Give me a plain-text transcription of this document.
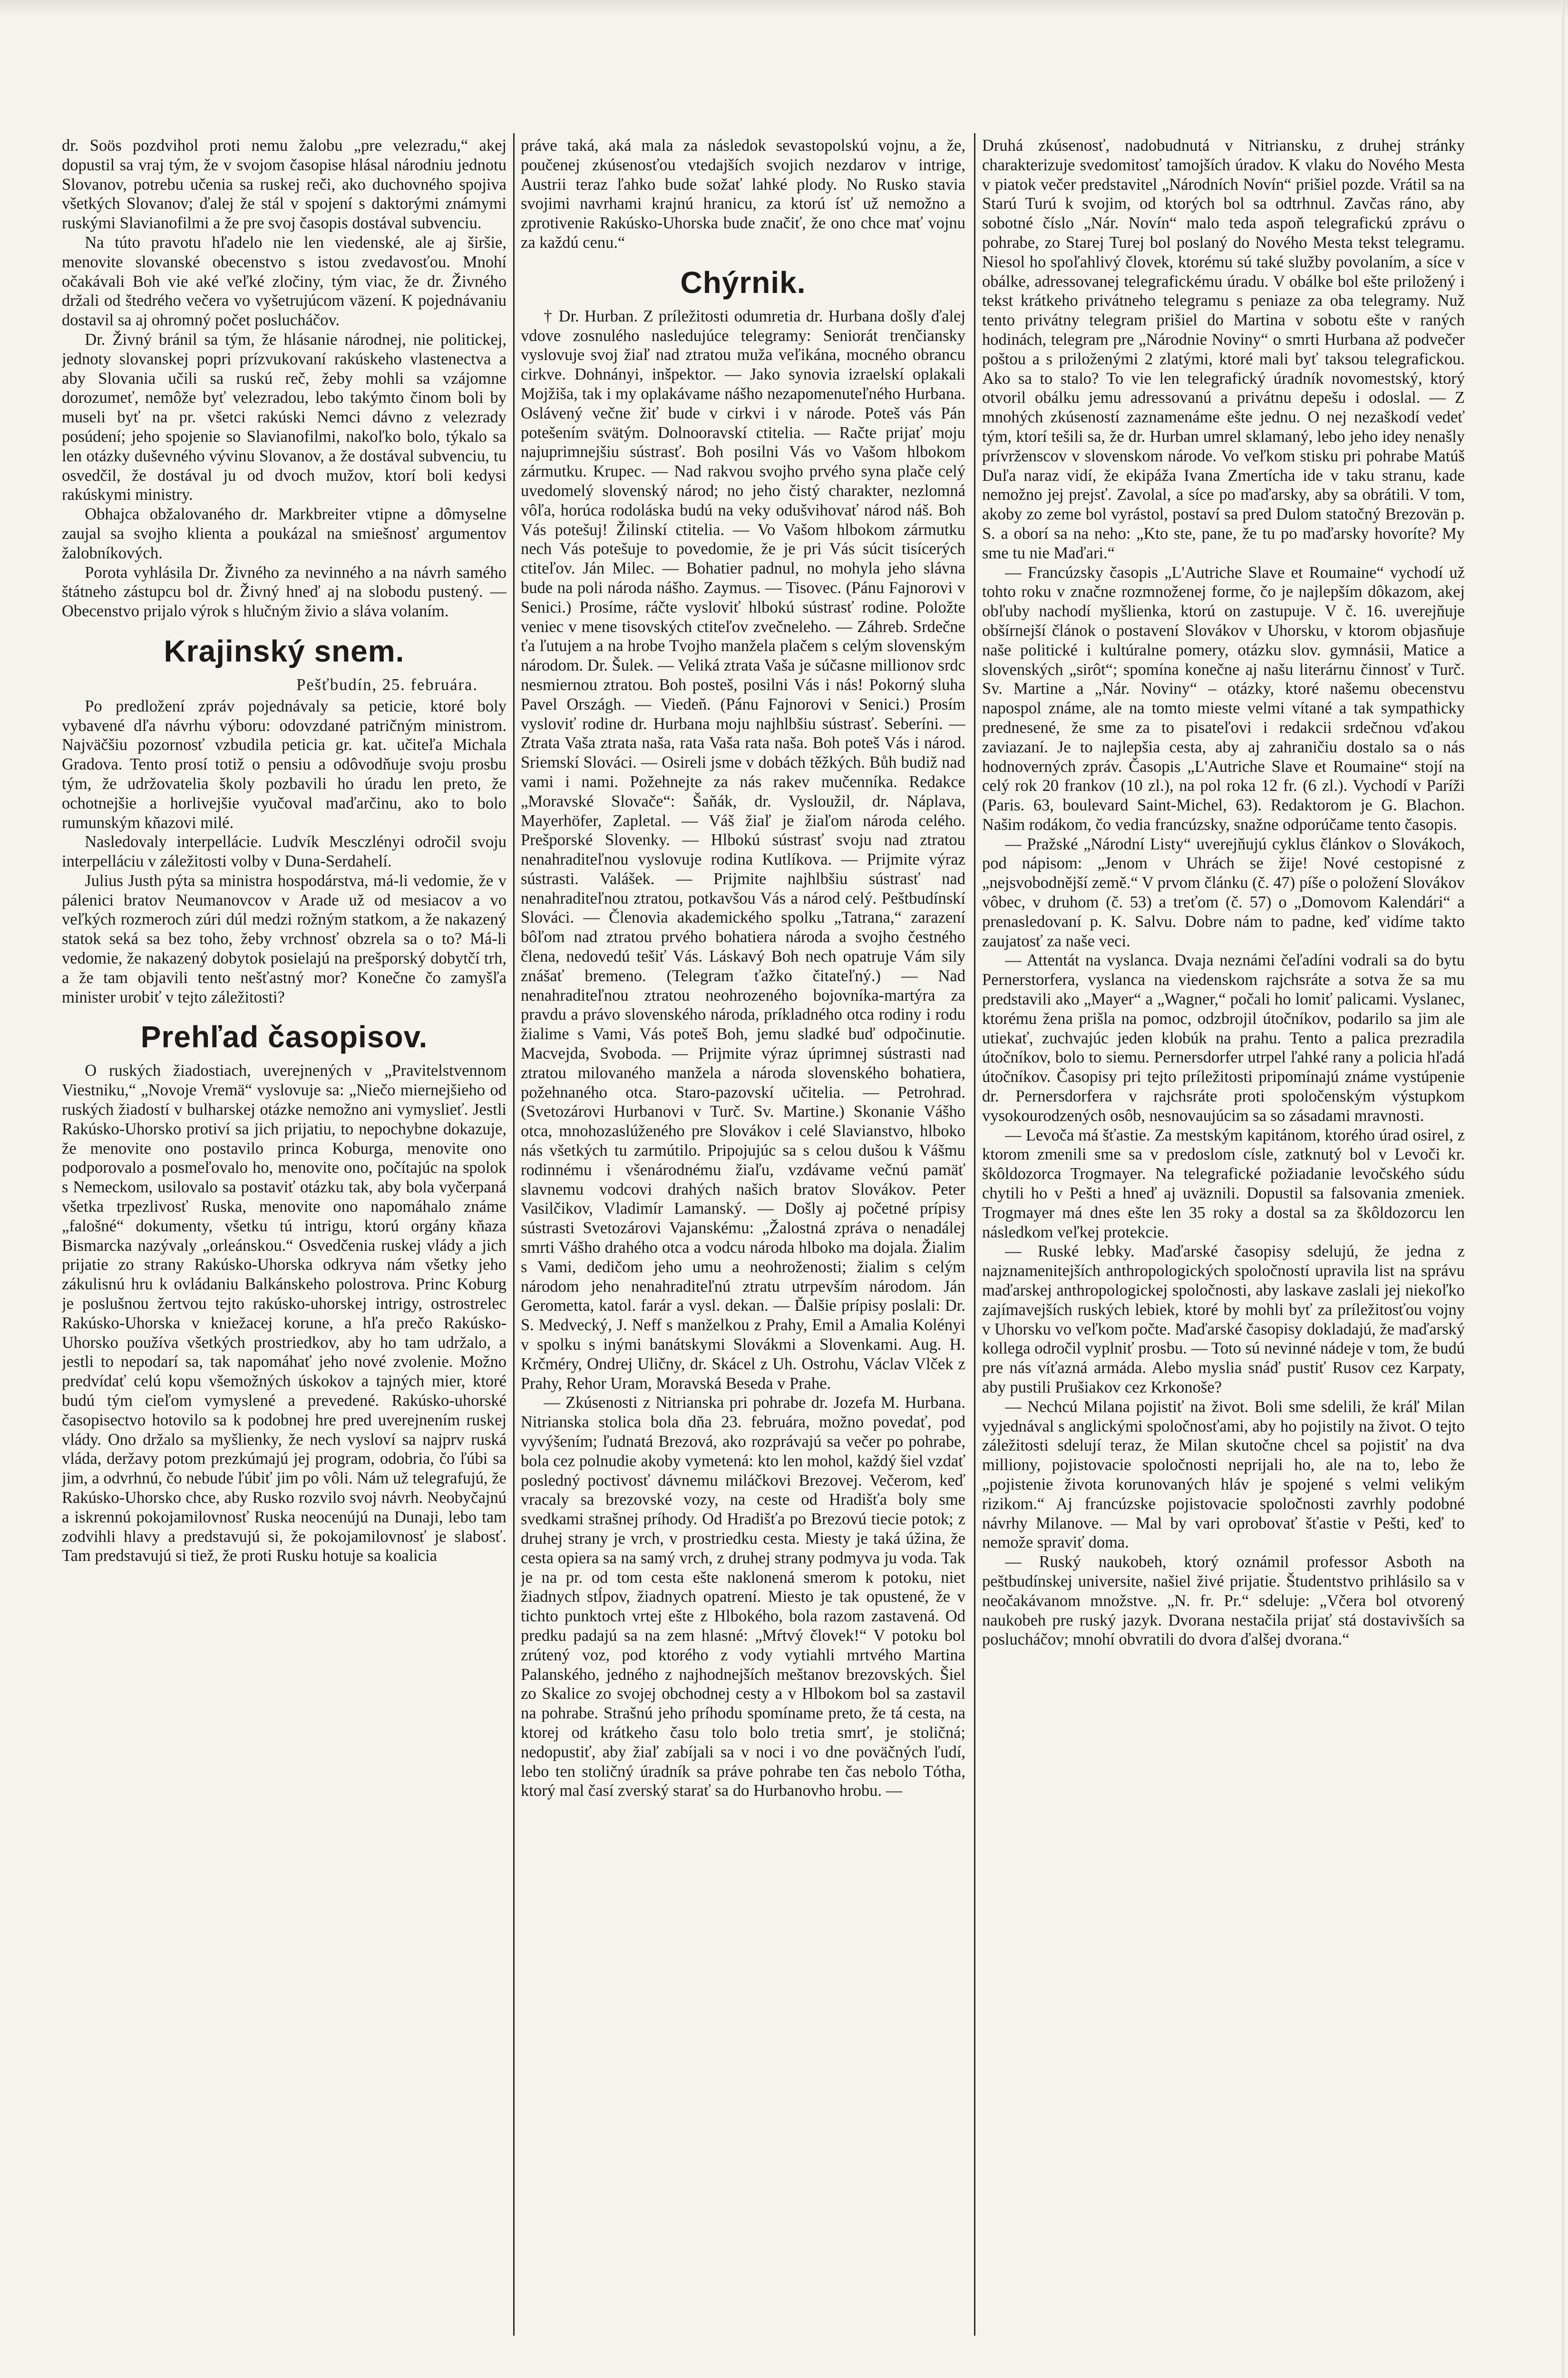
dr. Soös pozdvihol proti nemu žalobu „pre velezradu,“ akej dopustil sa vraj tým, že v svojom časopise hlásal národniu jednotu Slovanov, potrebu učenia sa ruskej reči, ako duchovného spojiva všetkých Slovanov; ďalej že stál v spojení s daktorými známymi ruskými Slavianofilmi a že pre svoj časopis dostával subvenciu.

Na túto pravotu hľadelo nie len viedenské, ale aj širšie, menovite slovanské obecenstvo s istou zvedavosťou. Mnohí očakávali Boh vie aké veľké zločiny, tým viac, že dr. Živného držali od štedrého večera vo vyšetrujúcom väzení. K pojednávaniu dostavil sa aj ohromný počet poslucháčov.

Dr. Živný bránil sa tým, že hlásanie národnej, nie politickej, jednoty slovanskej popri prízvukovaní rakúskeho vlastenectva a aby Slovania učili sa ruskú reč, žeby mohli sa vzájomne dorozumeť, nemôže byť velezradou, lebo takýmto činom boli by museli byť na pr. všetci rakúski Nemci dávno z velezrady posúdení; jeho spojenie so Slavianofilmi, nakoľko bolo, týkalo sa len otázky duševného vývinu Slovanov, a že dostával subvenciu, tu osvedčil, že dostával ju od dvoch mužov, ktorí boli kedysi rakúskymi ministry.

Obhajca obžalovaného dr. Markbreiter vtipne a dômyselne zaujal sa svojho klienta a poukázal na smiešnosť argumentov žalobníkových.

Porota vyhlásila Dr. Živného za nevinného a na návrh samého štátneho zástupcu bol dr. Živný hneď aj na slobodu pustený. — Obecenstvo prijalo výrok s hlučným živio a sláva volaním.

Krajinský snem.
Pešťbudín, 25. februára.

Po predložení zpráv pojednávaly sa peticie, ktoré boly vybavené dľa návrhu výboru: odovzdané patričným ministrom. Najväčšiu pozornosť vzbudila peticia gr. kat. učiteľa Michala Gradova. Tento prosí totiž o pensiu a odôvodňuje svoju prosbu tým, že udržovatelia školy pozbavili ho úradu len preto, že ochotnejšie a horlivejšie vyučoval maďarčinu, ako to bolo rumunským kňazovi milé.

Nasledovaly interpellácie. Ludvík Mesczlényi odročil svoju interpelláciu v záležitosti volby v Duna-Serdahelí.

Julius Justh pýta sa ministra hospodárstva, má-li vedomie, že v pálenici bratov Neumanovcov v Arade už od mesiacov a vo veľkých rozmeroch zúri dúl medzi rožným statkom, a že nakazený statok seká sa bez toho, žeby vrchnosť obzrela sa o to? Má-li vedomie, že nakazený dobytok posielajú na prešporský dobytčí trh, a že tam objavili tento nešťastný mor? Konečne čo zamyšľa minister urobiť v tejto záležitosti?

Prehľad časopisov.

O ruských žiadostiach, uverejnených v „Pravitelstvennom Viestniku,“ „Novoje Vremä“ vyslovuje sa: „Niečo miernejšieho od ruských žiadostí v bulharskej otázke nemožno ani vymyslieť. Jestli Rakúsko-Uhorsko protiví sa jich prijatiu, to nepochybne dokazuje, že menovite ono postavilo princa Koburga, menovite ono podporovalo a posmeľovalo ho, menovite ono, počítajúc na spolok s Nemeckom, usilovalo sa postaviť otázku tak, aby bola vyčerpaná všetka trpezlivosť Ruska, menovite ono napomáhalo známe „falošné“ dokumenty, všetku tú intrigu, ktorú orgány kňaza Bismarcka nazývaly „orleánskou.“ Osvedčenia ruskej vlády a jich prijatie zo strany Rakúsko-Uhorska odkryva nám všetky jeho zákulisnú hru k ovládaniu Balkánskeho polostrova. Princ Koburg je poslušnou žertvou tejto rakúsko-uhorskej intrigy, ostrostreleс Rakúsko-Uhorska v kniežacej korune, a hľa prečo Rakúsko-Uhorsko používa všetkých prostriedkov, aby ho tam udržalo, a jestli to nepodarí sa, tak napomáhať jeho nové zvolenie. Možno predvídať celú kopu všemožných úskokov a tajných mier, ktoré budú tým cieľom vymyslené a prevedené. Rakúsko-uhorské časopisectvo hotovilo sa k podobnej hre pred uverejnením ruskej vlády. Ono držalo sa myšlienky, že nech vysloví sa najprv ruská vláda, deržavy potom prezkúmajú jej program, odobria, čo ľúbi sa jim, a odvrhnú, čo nebude ľúbiť jim po vôli. Nám už telegrafujú, že Rakúsko-Uhorsko chce, aby Rusko rozvilo svoj návrh. Neobyčajnú a iskrennú pokojamilovnosť Ruska neocenújú na Dunaji, lebo tam zodvihli hlavy a predstavujú si, že pokojamilovnosť je slabosť. Tam predstavujú si tiež, že proti Rusku hotuje sa koalicia

práve taká, aká mala za následok sevastopolskú vojnu, a že, poučenej zkúsenosťou vtedajších svojich nezdarov v intrige, Austrii teraz ľahko bude sožať lahké plody. No Rusko stavia svojimi navrhami krajnú hranicu, za ktorú ísť už nemožno a zprotivenie Rakúsko-Uhorska bude značiť, že ono chce mať vojnu za každú cenu.“

Chýrnik.

† Dr. Hurban. Z príležitosti odumretia dr. Hurbana došly ďalej vdove zosnulého nasledujúce telegramy: Seniorát trenčiansky vyslovuje svoj žiaľ nad ztratou muža veľikána, mocného obrancu cirkve. Dohnányi, inšpektor. — Jako synovia izraelskí oplakali Mojžiša, tak i my oplakávame nášho nezapomenuteľného Hurbana. Oslávený večne žiť bude v cirkvi i v národe. Poteš vás Pán potešením svätým. Dolnooravskí ctitelia. — Račte prijať moju najuprimnejšiu sústrasť. Boh posilni Vás vo Vašom hlbokom zármutku. Krupec. — Nad rakvou svojho prvého syna plače celý uvedomelý slovenský národ; no jeho čistý charakter, nezlomná vôľa, horúca rodoláska budú na veky odušvihovať národ náš. Boh Vás potešuj! Žilinskí ctitelia. — Vo Vašom hlbokom zármutku nech Vás potešuje to povedomie, že je pri Vás súcit tisícerých ctiteľov. Ján Milec. — Bohatier padnul, no mohyla jeho slávna bude na poli národa nášho. Zaymus. — Tisovec. (Pánu Fajnorovi v Senici.) Prosíme, ráčte vysloviť hlbokú sústrasť rodine. Položte veniec v mene tisovských ctiteľov zvečneleho. — Záhreb. Srdečne ťa ľutujem a na hrobe Tvojho manžela plačem s celým slovenským národom. Dr. Šulek. — Veliká ztrata Vaša je súčasne millionov srdc nesmiernou ztratou. Boh posteš, posilni Vás i nás! Pokorný sluha Pavel Országh. — Viedeň. (Pánu Fajnorovi v Senici.) Prosím vysloviť rodine dr. Hurbana moju najhlbšiu sústrasť. Seberíni. — Ztrata Vaša ztrata naša, rata Vaša rata naša. Boh poteš Vás i národ. Sriemskí Slováci. — Osireli jsme v dobách těžkých. Bůh budiž nad vami i nami. Požehnejte za nás rakev mučenníka. Redakce „Moravské Slovače“: Šaňák, dr. Vysloužil, dr. Náplava, Mayerhöfer, Zapletal. — Váš žiaľ je žiaľom národa celého. Prešporské Slovenky. — Hlbokú sústrasť svoju nad ztratou nenahraditeľnou vyslovuje rodina Kutlíkova. — Prijmite výraz sústrasti. Valášek. — Prijmite najhlbšiu sústrasť nad nenahraditeľnou ztratou, potkavšou Vás a národ celý. Peštbudínskí Slováci. — Členovia akademického spolku „Tatrana,“ zarazení bôľom nad ztratou prvého bohatiera národa a svojho čestného člena, nedovedú tešiť Vás. Láskavý Boh nech opatruje Vám sily znášať bremeno. (Telegram ťažko čitateľný.) — Nad nenahraditeľnou ztratou neohrozeného bojovníka-martýra za pravdu a právo slovenského národa, príkladného otca rodiny i rodu žialime s Vami, Vás poteš Boh, jemu sladké buď odpočinutie. Macvejda, Svoboda. — Prijmite výraz úprimnej sústrasti nad ztratou milovaného manžela a národa slovenského bohatiera, požehnaného otca. Staro-pazovskí učitelia. — Petrohrad. (Svetozárovi Hurbanovi v Turč. Sv. Martine.) Skonanie Vášho otca, mnohozaslúženého pre Slovákov i celé Slavianstvo, hlboko nás všetkých tu zarmútilo. Pripojujúc sa s celou dušou k Vášmu rodinnému i všenárodnému žiaľu, vzdávame večnú pamäť slavnemu vodcovi drahých našich bratov Slovákov. Peter Vasilčikov, Vladimír Lamanský. — Došly aj početné prípisy sústrasti Svetozárovi Vajanskému: „Žalostná zpráva o nenadálej smrti Vášho drahého otca a vodcu národa hlboko ma dojala. Žialim s Vami, dedičom jeho umu a neohroženosti; žialim s celým národom jeho nenahraditeľnú ztratu utrpevším národom. Ján Gerometta, katol. farár a vysl. dekan. — Ďalšie prípisy poslali: Dr. S. Medvecký, J. Neff s manželkou z Prahy, Emil a Amalia Kolényi v spolku s inými banátskymi Slovákmi a Slovenkami. Aug. H. Krčméry, Ondrej Uličny, dr. Skácel z Uh. Ostrohu, Václav Vlček z Prahy, Rehor Uram, Moravská Beseda v Prahe.

— Zkúsenosti z Nitrianska pri pohrabe dr. Jozefa M. Hurbana. Nitrianska stolica bola dňa 23. februára, možno povedať, pod vyvýšením; ľudnatá Brezová, ako rozprávajú sa večer po pohrabe, bola cez polnudie akoby vymetená: kto len mohol, každý šiel vzdať posledný poctivosť dávnemu miláčkovi Brezovej. Večerom, keď vracaly sa brezovské vozy, na ceste od Hradišťa boly sme svedkami strašnej príhody. Od Hradišťa po Brezovú tiecie potok; z druhej strany je vrch, v prostriedku cesta. Miesty je taká úžina, že cesta opiera sa na samý vrch, z druhej strany podmyva ju voda. Tak je na pr. od tom cesta ešte naklonená smerom k potoku, niet žiadnych stĺpov, žiadnych opatrení. Miesto je tak opustené, že v tichto punktoch vrtej ešte z Hlbokého, bola razom zastavená. Od predku padajú sa na zem hlasné: „Mŕtvý človek!“ V potoku bol zrútený voz, pod ktorého z vody vytiahli mrtvého Martina Palanského, jedného z najhodnejších meštanov brezovských. Šiel zo Skalice zo svojej obchodnej cesty a v Hlbokom bol sa zastavil na pohrabe. Strašnú jeho príhodu spomíname preto, že tá cesta, na ktorej od krátkeho času tolo bolo tretia smrť, je stoličná; nedopustiť, aby žiaľ zabíjali sa v noci i vo dne poväčných ľudí, lebo ten stoličný úradník sa práve pohrabe ten čas nebolo Tótha, ktorý mal časí zverský starať sa do Hurbanovho hrobu. —

Druhá zkúsenosť, nadobudnutá v Nitriansku, z druhej stránky charakterizuje svedomitosť tamojších úradov. K vlaku do Nového Mesta v piatok večer predstavitel „Národních Novín“ prišiel pozde. Vrátil sa na Starú Turú k svojim, od ktorých bol sa odtrhnul. Zavčas ráno, aby sobotné číslo „Nár. Novín“ malo teda aspoň telegrafickú zprávu o pohrabe, zo Starej Turej bol poslaný do Nového Mesta tekst telegramu. Niesol ho spoľahlivý človek, ktorému sú také služby povolaním, a síce v obálke, adressovanej telegrafickému úradu. V obálke bol ešte priložený i tekst krátkeho privátneho telegramu s peniaze za oba telegramy. Nuž tento privátny telegram prišiel do Martina v sobotu ešte v raných hodinách, telegram pre „Národnie Noviny“ o smrti Hurbana až podvečer poštou a s priloženými 2 zlatými, ktoré mali byť taksou telegrafickou. Ako sa to stalo? To vie len telegrafický úradník novomestský, ktorý otvoril obálku jemu adressovanú a privátnu depešu i odoslal. — Z mnohých zkúseností zaznamenáme ešte jednu. O nej nezaškodí vedeť tým, ktorí tešili sa, že dr. Hurban umrel sklamaný, lebo jeho idey nenašly prívrženscov v slovenskom národe. Vo veľkom stisku pri pohrabe Matúš Duľa naraz vidí, že ekipáža Ivana Zmertícha ide v taku stranu, kade nemožno jej prejsť. Zavolal, a síce po maďarsky, aby sa obrátili. V tom, akoby zo zeme bol vyrástol, postaví sa pred Dulom statočný Brezovän p. S. a oborí sa na neho: „Kto ste, pane, že tu po maďarsky hovoríte? My sme tu nie Maďari.“

— Francúzsky časopis „L'Autriche Slave et Roumaine“ vychodí už tohto roku v značne rozmnoženej forme, čo je najlepším dôkazom, akej obľuby nachodí myšlienka, ktorú on zastupuje. V č. 16. uverejňuje obšírnejší článok o postavení Slovákov v Uhorsku, v ktorom objasňuje naše politické i kultúralne pomery, otázku slov. gymnásii, Matice a slovenských „sirôt“; spomína konečne aj našu literárnu činnosť v Turč. Sv. Martine a „Nár. Noviny“ – otázky, ktoré našemu obecenstvu napospol známe, ale na tomto mieste velmi vítané a tak sympathicky prednesené, že sme za to pisateľovi i redakcii srdečnou vďakou zaviazaní. Je to najlepšia cesta, aby aj zahraničiu dostalo sa o nás hodnoverných zpráv. Časopis „L'Autriche Slave et Roumaine“ stojí na celý rok 20 frankov (10 zl.), na pol roka 12 fr. (6 zl.). Vychodí v Paríži (Paris. 63, boulevard Saint-Michel, 63). Redaktorom je G. Blachon. Našim rodákom, čo vedia francúzsky, snažne odporúčame tento časopis.

— Pražské „Národní Listy“ uverejňujú cyklus článkov o Slovákoch, pod nápisom: „Jenom v Uhrách se žije! Nové cestopisné z „nejsvobodnější země.“ V prvom článku (č. 47) píše o položení Slovákov vôbec, v druhom (č. 53) a treťom (č. 57) o „Domovom Kalendári“ a prenasledovaní p. K. Salvu. Dobre nám to padne, keď vidíme takto zaujatosť za naše veci.

— Attentát na vyslanca. Dvaja neznámi čeľadíni vodrali sa do bytu Pernerstorfera, vyslanca na viedenskom rajchsráte a sotva že sa mu predstavili ako „Mayer“ a „Wagner,“ počali ho lomiť palicami. Vyslanec, ktorému žena prišla na pomoc, odzbrojil útočníkov, podarilo sa jim ale utiekať, zuchvajúc jeden klobúk na prahu. Tento a palica prezradila útočníkov, bolo to siemu. Pernersdorfer utrpel ľahké rany a policia hľadá útočníkov. Časopisy pri tejto príležitosti pripomínajú známe vystúpenie dr. Pernersdorfera v rajchsráte proti spoločenským výstupkom vysokourodzených osôb, nesnovaujúcim sa so zásadami mravnosti.

— Levoča má šťastie. Za mestským kapitánom, ktorého úrad osirel, z ktorom zmenili sme sa v predoslom císle, zatknutý bol v Levoči kr. škôldozorca Trogmayer. Na telegrafické požiadanie levočského súdu chytili ho v Pešti a hneď aj uväznili. Dopustil sa falsovania zmeniek. Trogmayer má dnes ešte len 35 roky a dostal sa za škôldozorcu len následkom veľkej protekcie.

— Ruské lebky. Maďarské časopisy sdelujú, že jedna z najznamenitejších anthropologických spoločností upravila list na správu maďarskej anthropologickej spoločnosti, aby laskave zaslali jej niekoľko zajímavejších ruských lebiek, ktoré by mohli byť za príležitosťou vojny v Uhorsku vo veľkom počte. Maďarské časopisy dokladajú, že maďarský kollega odročil vyplniť prosbu. — Toto sú nevinné nádeje v tom, že budú pre nás víťazná armáda. Alebo myslia snáď pustiť Rusov cez Karpaty, aby pustili Prušiakov cez Krkonoše?

— Nechcú Milana pojistiť na život. Boli sme sdelili, že kráľ Milan vyjednával s anglickými spoločnosťami, aby ho pojistily na život. O tejto záležitosti sdelují teraz, že Milan skutočne chcel sa pojistiť na dva milliony, pojistovacie spoločnosti neprijali ho, ale na to, lebo že „pojistenie života korunovaných hláv je spojené s velmi velikým rizikom.“ Aj francúzske pojistovacie spoločnosti zavrhly podobné návrhy Milanove. — Mal by vari oprobovať šťastie v Pešti, keď to nemože spraviť doma.

— Ruský naukobeh, ktorý oznámil professor Asboth na peštbudínskej universite, našiel živé prijatie. Študentstvo prihlásilo sa v neočakávanom množstve. „N. fr. Pr.“ sdeluje: „Včera bol otvorený naukobeh pre ruský jazyk. Dvorana nestačila prijať stá dostavivších sa poslucháčov; mnohí obvratili do dvora ďalšej dvorana.“
